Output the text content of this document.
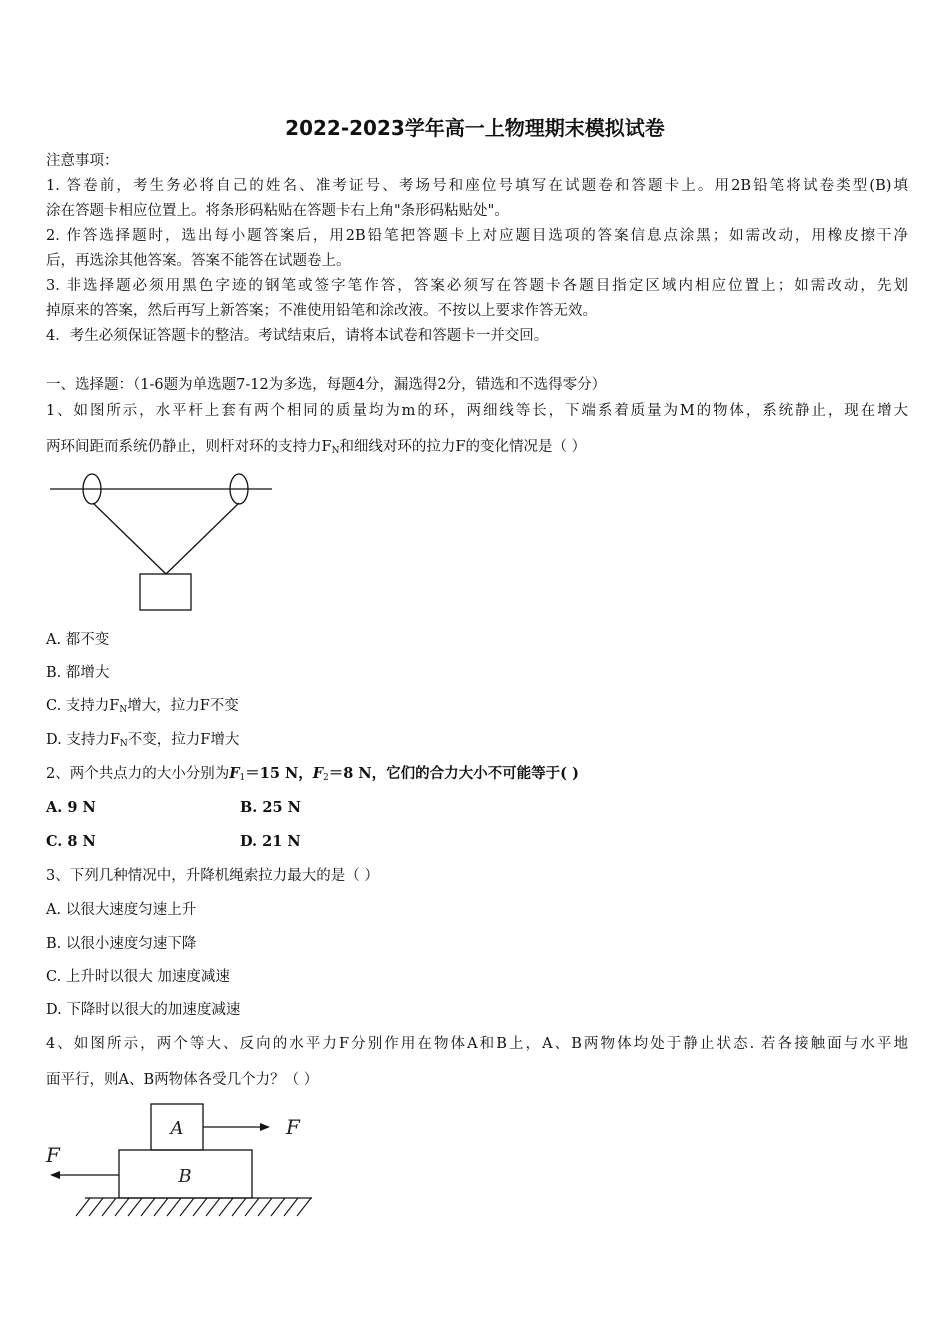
2022-2023学年高一上物理期末模拟试卷
注意事项：
1. 答卷前，考生务必将自己的姓名、准考证号、考场号和座位号填写在试题卷和答题卡上。用2B铅笔将试卷类型(B)填
涂在答题卡相应位置上。将条形码粘贴在答题卡右上角"条形码粘贴处"。
2. 作答选择题时，选出每小题答案后，用2B铅笔把答题卡上对应题目选项的答案信息点涂黑；如需改动，用橡皮擦干净
后，再选涂其他答案。答案不能答在试题卷上。
3. 非选择题必须用黑色字迹的钢笔或签字笔作答，答案必须写在答题卡各题目指定区域内相应位置上；如需改动，先划
掉原来的答案，然后再写上新答案；不准使用铅笔和涂改液。不按以上要求作答无效。
4．考生必须保证答题卡的整洁。考试结束后，请将本试卷和答题卡一并交回。
一、选择题：（1-6题为单选题7-12为多选，每题4分，漏选得2分，错选和不选得零分）
1、如图所示，水平杆上套有两个相同的质量均为m的环，两细线等长，下端系着质量为M的物体，系统静止，现在增大
两环间距而系统仍静止，则杆对环的支持力$F_N$和细线对环的拉力F的变化情况是（ ）
A. 都不变
B. 都增大
C. 支持力$F_N$增大，拉力F不变
D. 支持力$F_N$不变，拉力F增大
2、两个共点力的大小分别为$F_1=15$ N，$F_2=8$ N，它们的合力大小不可能等于( )
A. 9 N	B. 25 N
C. 8 N	D. 21 N
3、下列几种情况中，升降机绳索拉力最大的是（ ）
A. 以很大速度匀速上升
B. 以很小速度匀速下降
C. 上升时以很大 加速度减速
D. 下降时以很大的加速度减速
4、如图所示，两个等大、反向的水平力F分别作用在物体A和B上，A、B两物体均处于静止状态. 若各接触面与水平地
面平行，则A、B两物体各受几个力？（ ）
A
B
F
F
